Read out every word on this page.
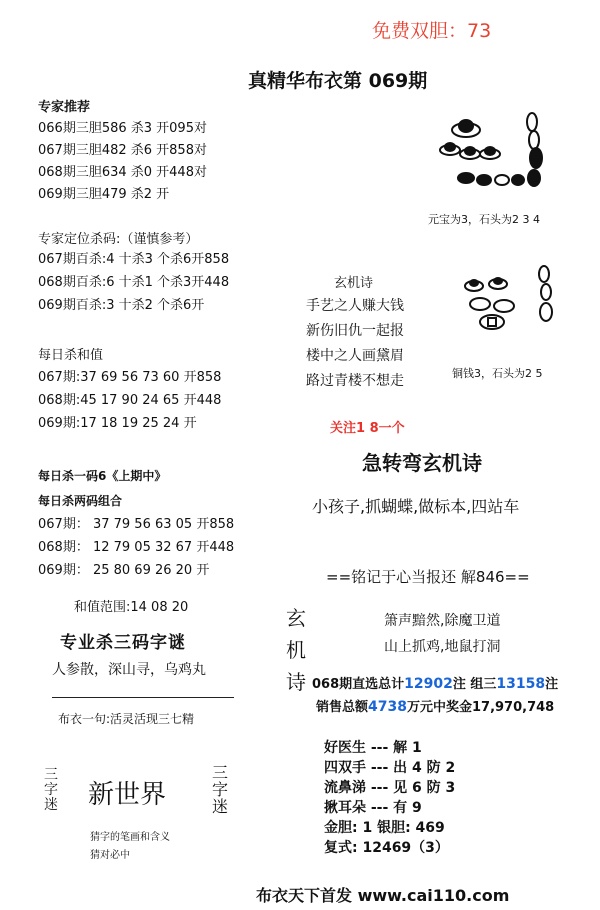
免费双胆：73
真精华布衣第 069期
专家推荐
066期三胆586 杀3 开095对
067期三胆482 杀6 开858对
068期三胆634 杀0 开448对
069期三胆479 杀2 开
专家定位杀码:（谨慎参考）
067期百杀:4 十杀3 个杀6开858
068期百杀:6 十杀1 个杀3开448
069期百杀:3 十杀2 个杀6开
每日杀和值
067期:37 69 56 73 60 开858
068期:45 17 90 24 65 开448
069期:17 18 19 25 24 开
每日杀一码6《上期中》
每日杀两码组合
067期： 37 79 56 63 05 开858
068期： 12 79 05 32 67 开448
069期： 25 80 69 26 20 开
和值范围:14 08 20
专业杀三码字谜
人参散，深山寻，乌鸡丸
布衣一句:活灵活现三七精
三
字
迷 新世界
三
字
迷
猜字的笔画和含义
猜对必中
元宝为3，石头为2 3 4
铜钱3，石头为2 5
玄机诗
手艺之人赚大钱
新伤旧仇一起报
楼中之人画黛眉
路过青楼不想走
关注1 8一个
急转弯玄机诗
小孩子,抓蝴蝶,做标本,四站车
==铭记于心当报还 解846==
玄
机
诗
箫声黯然,除魔卫道
山上抓鸡,地鼠打洞
068期直选总计12902注 组三13158注
销售总额4738万元中奖金17,970,748
好医生 --- 解 1
四双手 --- 出 4 防 2
流鼻涕 --- 见 6 防 3
揪耳朵 --- 有 9
金胆: 1 银胆: 469
复式: 12469（3）
布衣天下首发 www.cai110.com
